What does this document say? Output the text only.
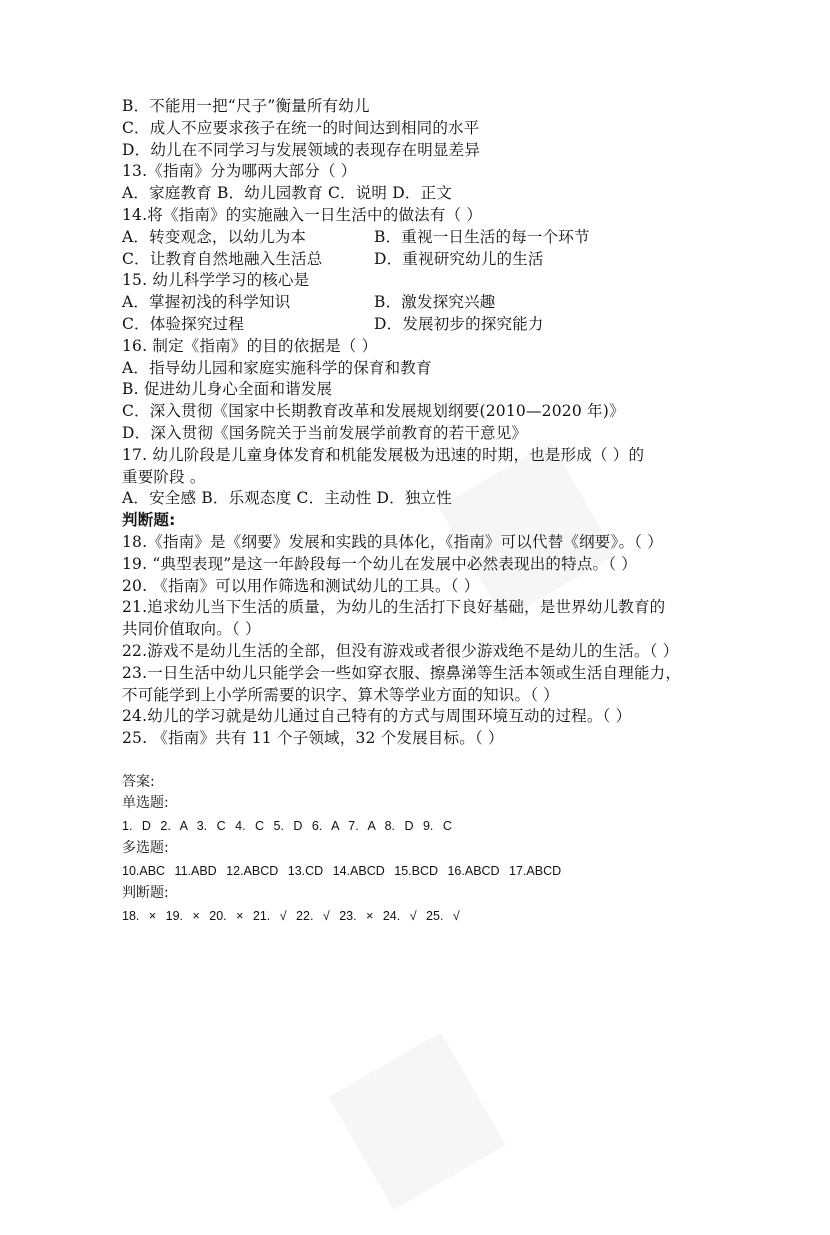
B．不能用一把“尺子”衡量所有幼儿
C．成人不应要求孩子在统一的时间达到相同的水平
D．幼儿在不同学习与发展领域的表现存在明显差异
13.《指南》分为哪两大部分（ ）
A．家庭教育 B．幼儿园教育 C．说明 D．正文
14.将《指南》的实施融入一日生活中的做法有（ ）
A．转变观念，以幼儿为本	B．重视一日生活的每一个环节
C．让教育自然地融入生活总	D．重视研究幼儿的生活
15. 幼儿科学学习的核心是
A．掌握初浅的科学知识	B．激发探究兴趣
C．体验探究过程	D．发展初步的探究能力
16. 制定《指南》的目的依据是（ ）
A．指导幼儿园和家庭实施科学的保育和教育
B. 促进幼儿身心全面和谐发展
C．深入贯彻《国家中长期教育改革和发展规划纲要(2010—2020 年)》
D．深入贯彻《国务院关于当前发展学前教育的若干意见》
17. 幼儿阶段是儿童身体发育和机能发展极为迅速的时期，也是形成（ ）的
重要阶段 。
A．安全感 B．乐观态度 C．主动性 D．独立性
判断题:
18.《指南》是《纲要》发展和实践的具体化，《指南》可以代替《纲要》。（ ）
19. “典型表现”是这一年龄段每一个幼儿在发展中必然表现出的特点。（ ）
20. 《指南》可以用作筛选和测试幼儿的工具。（ ）
21.追求幼儿当下生活的质量，为幼儿的生活打下良好基础，是世界幼儿教育的
共同价值取向。（ ）
22.游戏不是幼儿生活的全部，但没有游戏或者很少游戏绝不是幼儿的生活。（ ）
23.一日生活中幼儿只能学会一些如穿衣服、擦鼻涕等生活本领或生活自理能力，
不可能学到上小学所需要的识字、算术等学业方面的知识。（ ）
24.幼儿的学习就是幼儿通过自己特有的方式与周围环境互动的过程。（ ）
25. 《指南》共有 11 个子领域，32 个发展目标。（ ）
答案:
单选题:
1. D 2. A 3. C 4. C 5. D 6. A 7. A 8. D 9. C
多选题:
10.ABC 11.ABD 12.ABCD 13.CD 14.ABCD 15.BCD 16.ABCD 17.ABCD
判断题:
18. × 19. × 20. × 21. √ 22. √ 23. × 24. √ 25. √
